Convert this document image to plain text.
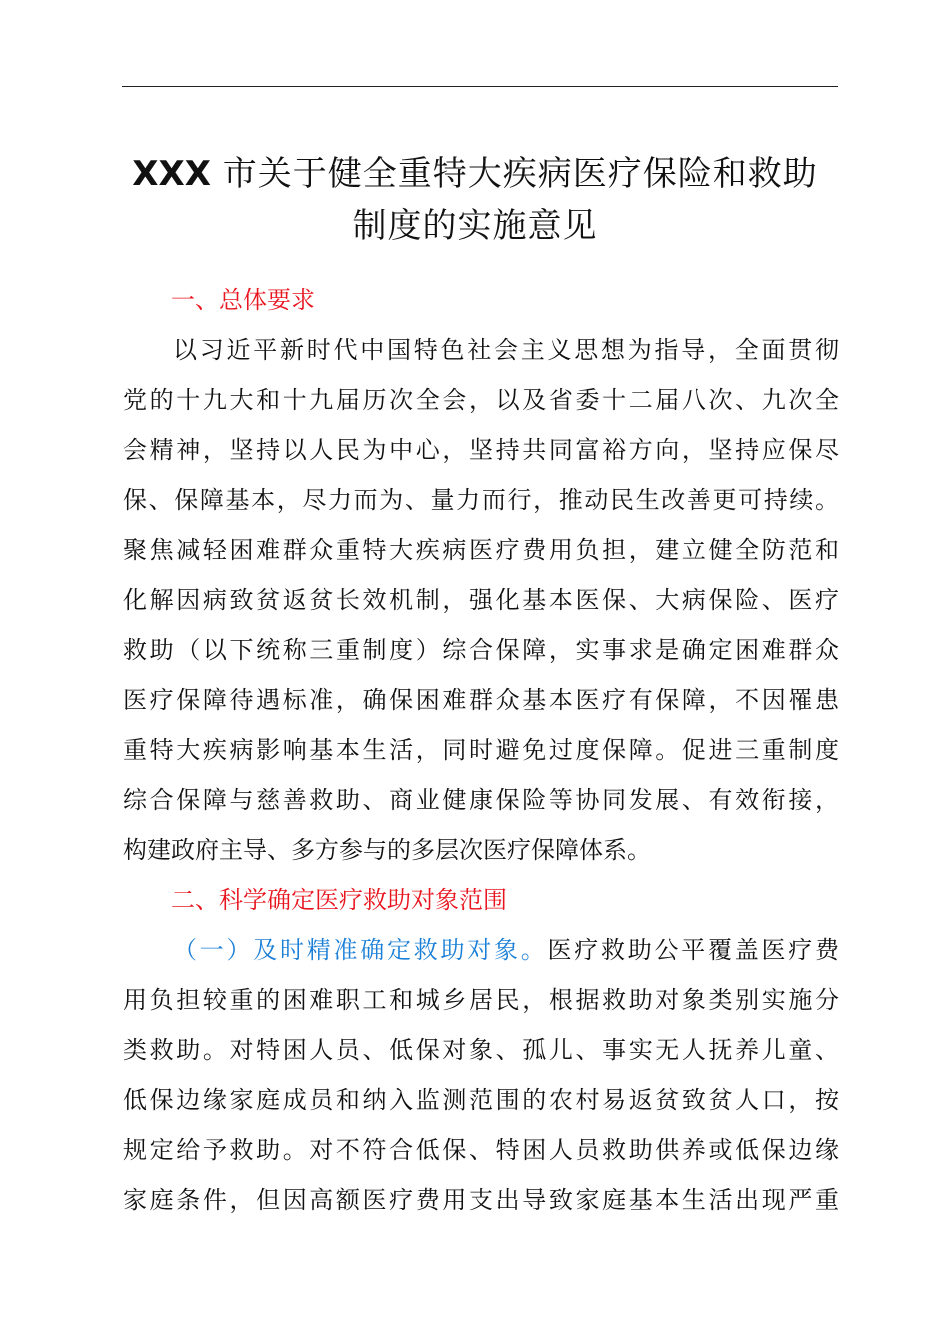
XXX 市关于健全重特大疾病医疗保险和救助
制度的实施意见

一、总体要求

以习近平新时代中国特色社会主义思想为指导，全面贯彻
党的十九大和十九届历次全会，以及省委十二届八次、九次全
会精神，坚持以人民为中心，坚持共同富裕方向，坚持应保尽
保、保障基本，尽力而为、量力而行，推动民生改善更可持续。
聚焦减轻困难群众重特大疾病医疗费用负担，建立健全防范和
化解因病致贫返贫长效机制，强化基本医保、大病保险、医疗
救助（以下统称三重制度）综合保障，实事求是确定困难群众
医疗保障待遇标准，确保困难群众基本医疗有保障，不因罹患
重特大疾病影响基本生活，同时避免过度保障。促进三重制度
综合保障与慈善救助、商业健康保险等协同发展、有效衔接，
构建政府主导、多方参与的多层次医疗保障体系。

二、科学确定医疗救助对象范围

（一）及时精准确定救助对象。医疗救助公平覆盖医疗费
用负担较重的困难职工和城乡居民，根据救助对象类别实施分
类救助。对特困人员、低保对象、孤儿、事实无人抚养儿童、
低保边缘家庭成员和纳入监测范围的农村易返贫致贫人口，按
规定给予救助。对不符合低保、特困人员救助供养或低保边缘
家庭条件，但因高额医疗费用支出导致家庭基本生活出现严重
